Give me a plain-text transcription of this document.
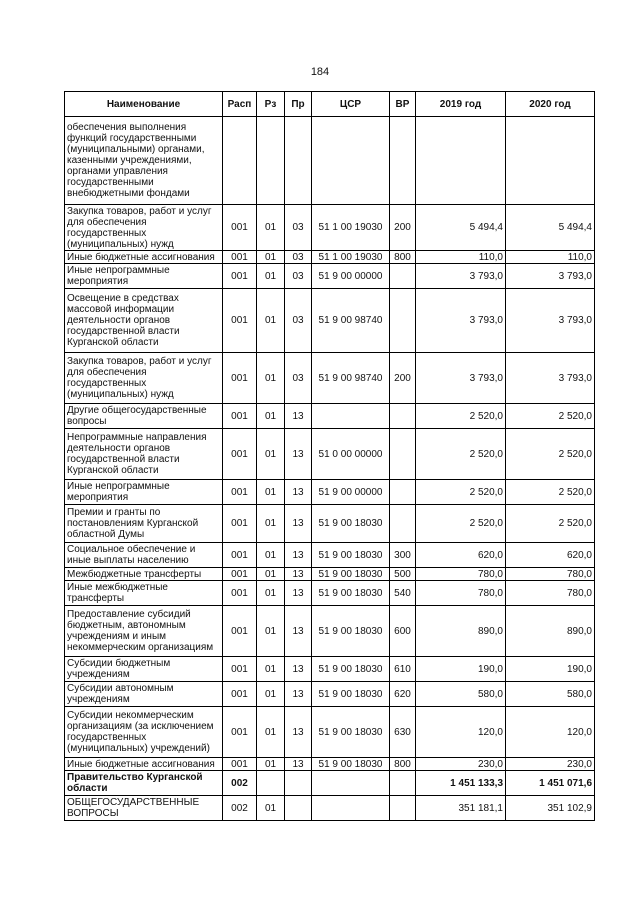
184
Наименование	Расп	Рз	Пр	ЦСР	ВР	2019 год	2020 год
обеспечения выполнения функций государственными (муниципальными) органами, казенными учреждениями, органами управления государственными внебюджетными фондами							
Закупка товаров, работ и услуг для обеспечения государственных (муниципальных) нужд	001	01	03	51 1 00 19030	200	5 494,4	5 494,4
Иные бюджетные ассигнования	001	01	03	51 1 00 19030	800	110,0	110,0
Иные непрограммные мероприятия	001	01	03	51 9 00 00000		3 793,0	3 793,0
Освещение в средствах массовой информации деятельности органов государственной власти Курганской области	001	01	03	51 9 00 98740		3 793,0	3 793,0
Закупка товаров, работ и услуг для обеспечения государственных (муниципальных) нужд	001	01	03	51 9 00 98740	200	3 793,0	3 793,0
Другие общегосударственные вопросы	001	01	13			2 520,0	2 520,0
Непрограммные направления деятельности органов государственной власти Курганской области	001	01	13	51 0 00 00000		2 520,0	2 520,0
Иные непрограммные мероприятия	001	01	13	51 9 00 00000		2 520,0	2 520,0
Премии и гранты по постановлениям Курганской областной Думы	001	01	13	51 9 00 18030		2 520,0	2 520,0
Социальное обеспечение и иные выплаты населению	001	01	13	51 9 00 18030	300	620,0	620,0
Межбюджетные трансферты	001	01	13	51 9 00 18030	500	780,0	780,0
Иные межбюджетные трансферты	001	01	13	51 9 00 18030	540	780,0	780,0
Предоставление субсидий бюджетным, автономным учреждениям и иным некоммерческим организациям	001	01	13	51 9 00 18030	600	890,0	890,0
Субсидии бюджетным учреждениям	001	01	13	51 9 00 18030	610	190,0	190,0
Субсидии автономным учреждениям	001	01	13	51 9 00 18030	620	580,0	580,0
Субсидии некоммерческим организациям (за исключением государственных (муниципальных) учреждений)	001	01	13	51 9 00 18030	630	120,0	120,0
Иные бюджетные ассигнования	001	01	13	51 9 00 18030	800	230,0	230,0
Правительство Курганской области	002					1 451 133,3	1 451 071,6
ОБЩЕГОСУДАРСТВЕННЫЕ ВОПРОСЫ	002	01				351 181,1	351 102,9
